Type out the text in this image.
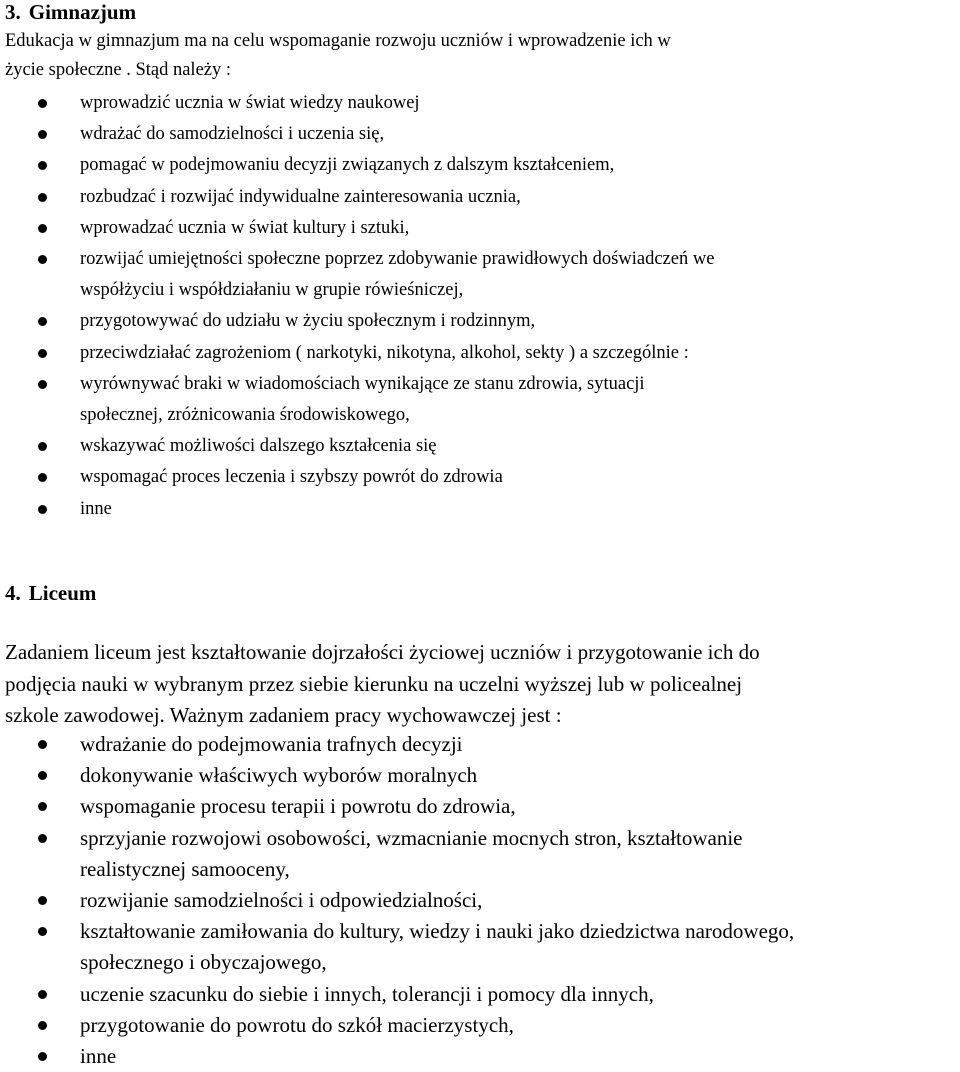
3. Gimnazjum
Edukacja w gimnazjum ma na celu wspomaganie rozwoju uczniów i wprowadzenie ich w
życie społeczne . Stąd należy :
wprowadzić ucznia w świat wiedzy naukowej
wdrażać do samodzielności i uczenia się,
pomagać w podejmowaniu decyzji związanych z dalszym kształceniem,
rozbudzać i rozwijać indywidualne zainteresowania ucznia,
wprowadzać ucznia w świat kultury i sztuki,
rozwijać umiejętności społeczne poprzez zdobywanie prawidłowych doświadczeń we
współżyciu i współdziałaniu w grupie rówieśniczej,
przygotowywać do udziału w życiu społecznym i rodzinnym,
przeciwdziałać zagrożeniom ( narkotyki, nikotyna, alkohol, sekty ) a szczególnie :
wyrównywać braki w wiadomościach wynikające ze stanu zdrowia, sytuacji
społecznej, zróżnicowania środowiskowego,
wskazywać możliwości dalszego kształcenia się
wspomagać proces leczenia i szybszy powrót do zdrowia
inne
4. Liceum
Zadaniem liceum jest kształtowanie dojrzałości życiowej uczniów i przygotowanie ich do
podjęcia nauki w wybranym przez siebie kierunku na uczelni wyższej lub w policealnej
szkole zawodowej. Ważnym zadaniem pracy wychowawczej jest :
wdrażanie do podejmowania trafnych decyzji
dokonywanie właściwych wyborów moralnych
wspomaganie procesu terapii i powrotu do zdrowia,
sprzyjanie rozwojowi osobowości, wzmacnianie mocnych stron, kształtowanie
realistycznej samooceny,
rozwijanie samodzielności i odpowiedzialności,
kształtowanie zamiłowania do kultury, wiedzy i nauki jako dziedzictwa narodowego,
społecznego i obyczajowego,
uczenie szacunku do siebie i innych, tolerancji i pomocy dla innych,
przygotowanie do powrotu do szkół macierzystych,
inne
